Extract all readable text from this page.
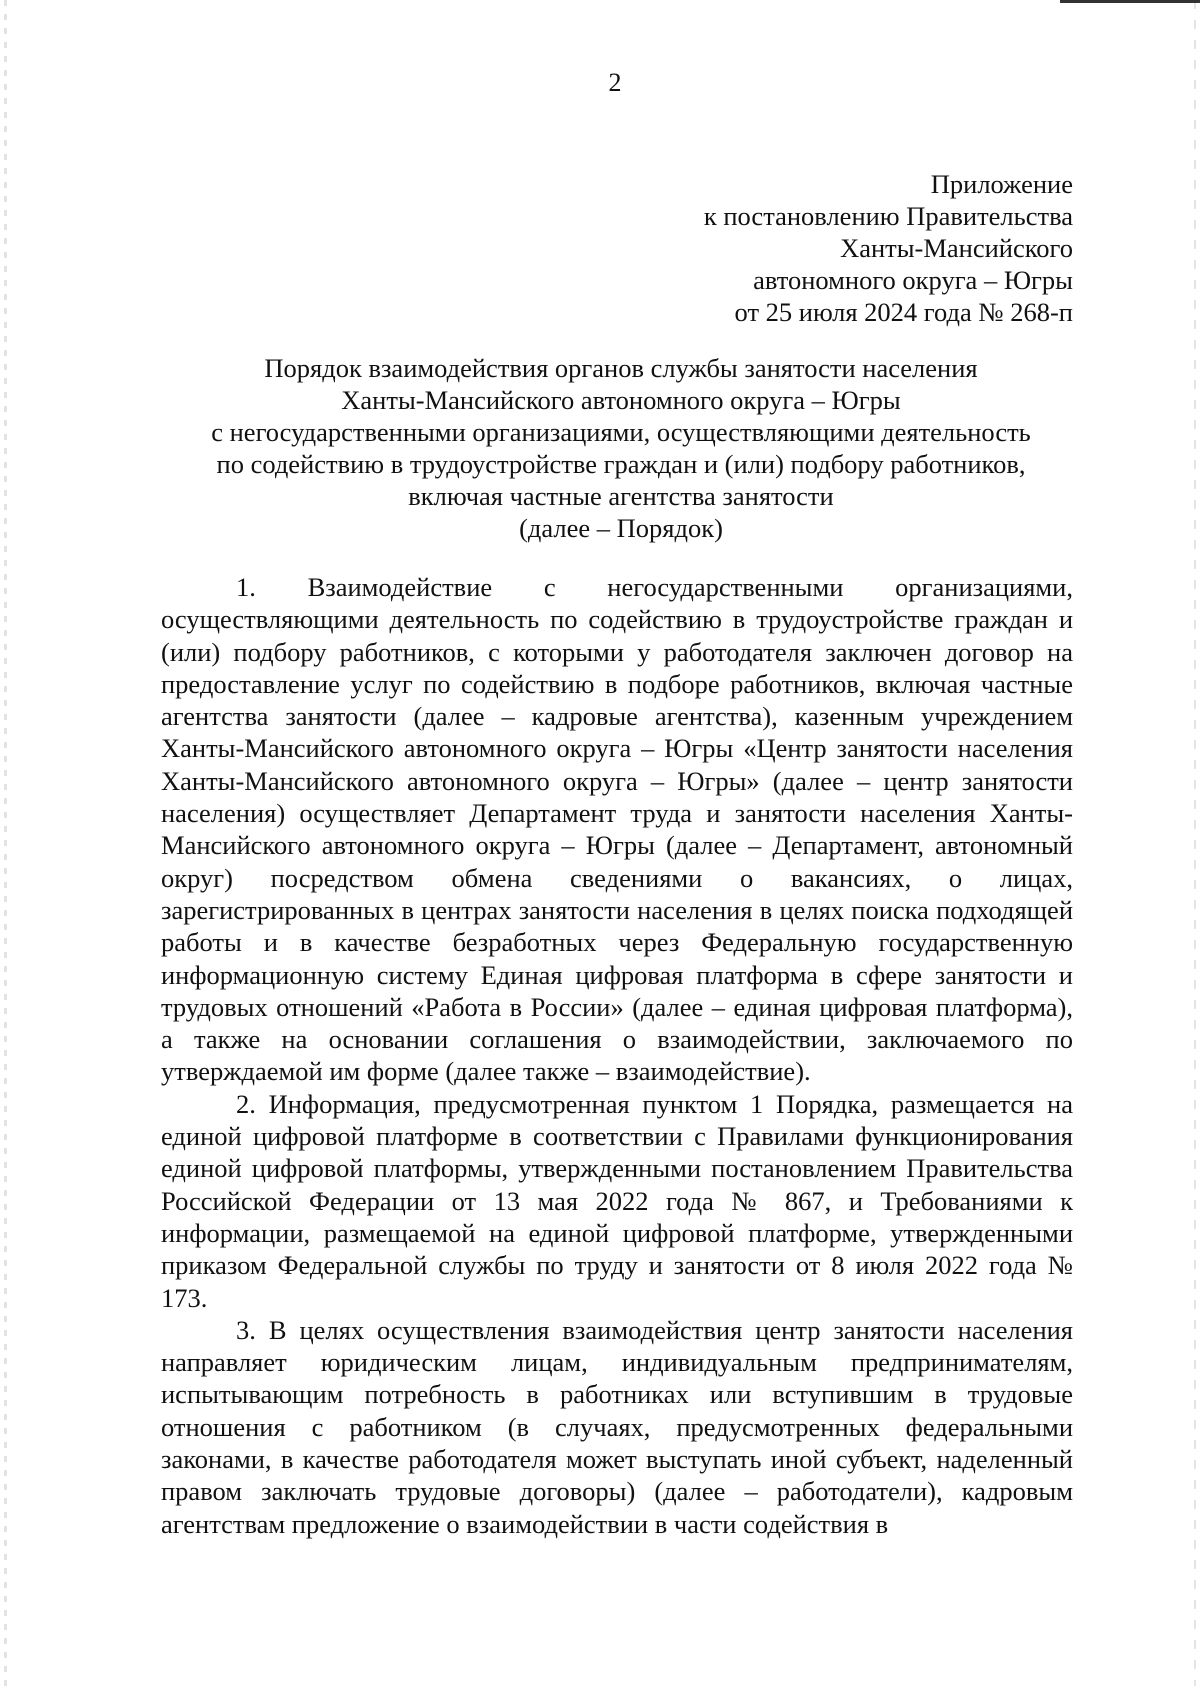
2
Приложение
к постановлению Правительства
Ханты-Мансийского
автономного округа – Югры
от 25 июля 2024 года № 268-п
Порядок взаимодействия органов службы занятости населения
Ханты-Мансийского автономного округа – Югры
с негосударственными организациями, осуществляющими деятельность
по содействию в трудоустройстве граждан и (или) подбору работников,
включая частные агентства занятости
(далее – Порядок)

1. Взаимодействие с негосударственными организациями, осуществляющими деятельность по содействию в трудоустройстве граждан и (или) подбору работников, с которыми у работодателя заключен договор на предоставление услуг по содействию в подборе работников, включая частные агентства занятости (далее – кадровые агентства), казенным учреждением Ханты-Мансийского автономного округа – Югры «Центр занятости населения Ханты-Мансийского автономного округа – Югры» (далее – центр занятости населения) осуществляет Департамент труда и занятости населения Ханты-Мансийского автономного округа – Югры (далее – Департамент, автономный округ) посредством обмена сведениями о вакансиях, о лицах, зарегистрированных в центрах занятости населения в целях поиска подходящей работы и в качестве безработных через Федеральную государственную информационную систему Единая цифровая платформа в сфере занятости и трудовых отношений «Работа в России» (далее – единая цифровая платформа), а также на основании соглашения о взаимодействии, заключаемого по утверждаемой им форме (далее также – взаимодействие).

2. Информация, предусмотренная пунктом 1 Порядка, размещается на единой цифровой платформе в соответствии с Правилами функционирования единой цифровой платформы, утвержденными постановлением Правительства Российской Федерации от 13 мая 2022 года № 867, и Требованиями к информации, размещаемой на единой цифровой платформе, утвержденными приказом Федеральной службы по труду и занятости от 8 июля 2022 года № 173.

3. В целях осуществления взаимодействия центр занятости населения направляет юридическим лицам, индивидуальным предпринимателям, испытывающим потребность в работниках или вступившим в трудовые отношения с работником (в случаях, предусмотренных федеральными законами, в качестве работодателя может выступать иной субъект, наделенный правом заключать трудовые договоры) (далее – работодатели), кадровым агентствам предложение о взаимодействии в части содействия в
